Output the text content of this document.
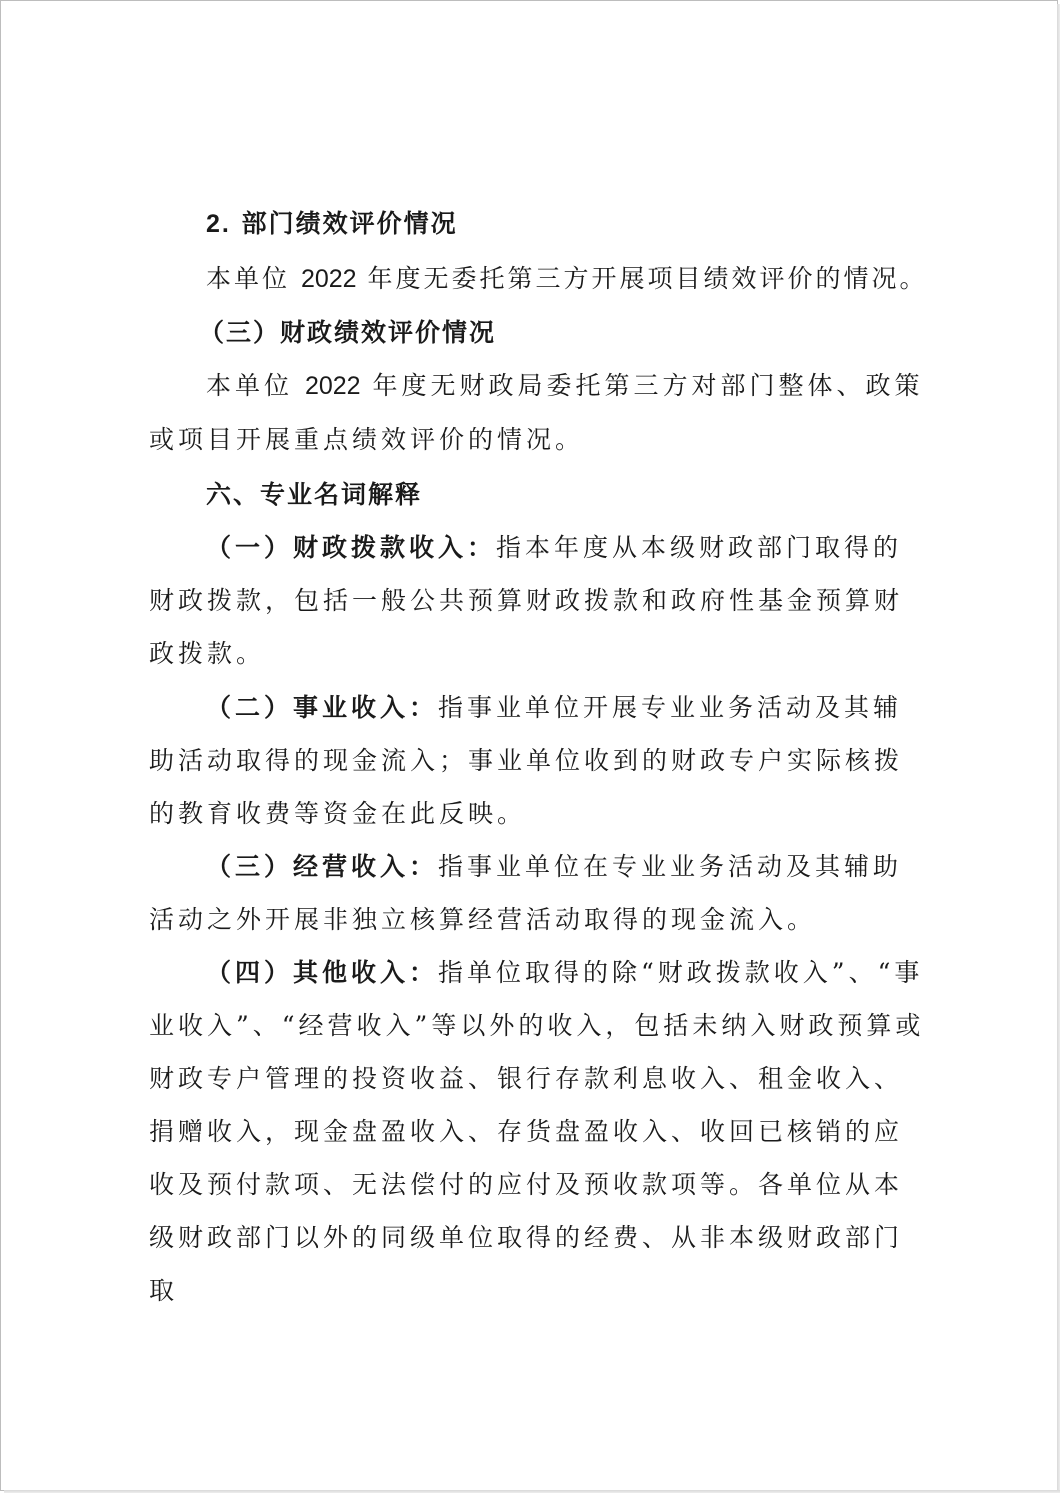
2. 部门绩效评价情况

本单位 2022 年度无委托第三方开展项目绩效评价的情况。

（三）财政绩效评价情况

本单位 2022 年度无财政局委托第三方对部门整体、政策或项目开展重点绩效评价的情况。

六、专业名词解释

（一）财政拨款收入：指本年度从本级财政部门取得的财政拨款，包括一般公共预算财政拨款和政府性基金预算财政拨款。

（二）事业收入：指事业单位开展专业业务活动及其辅助活动取得的现金流入；事业单位收到的财政专户实际核拨的教育收费等资金在此反映。

（三）经营收入：指事业单位在专业业务活动及其辅助活动之外开展非独立核算经营活动取得的现金流入。

（四）其他收入：指单位取得的除“财政拨款收入”、“事业收入”、“经营收入”等以外的收入，包括未纳入财政预算或财政专户管理的投资收益、银行存款利息收入、租金收入、捐赠收入，现金盘盈收入、存货盘盈收入、收回已核销的应收及预付款项、无法偿付的应付及预收款项等。各单位从本级财政部门以外的同级单位取得的经费、从非本级财政部门取
